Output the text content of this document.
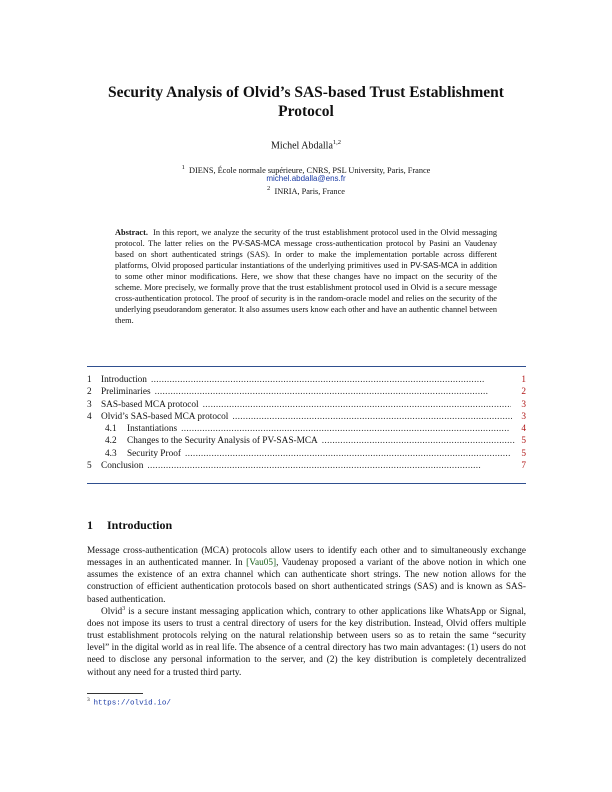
Security Analysis of Olvid’s SAS-based Trust Establishment Protocol
Michel Abdalla$^{1,2}$
$^1$ DIENS, École normale supérieure, CNRS, PSL University, Paris, France
michel.abdalla@ens.fr
$^2$ INRIA, Paris, France
Abstract. In this report, we analyze the security of the trust establishment protocol used in the Olvid messaging protocol. The latter relies on the PV-SAS-MCA message cross-authentication protocol by Pasini an Vaudenay based on short authenticated strings (SAS). In order to make the implementation portable across different platforms, Olvid proposed particular instantiations of the underlying primitives used in PV-SAS-MCA in addition to some other minor modifications. Here, we show that these changes have no impact on the security of the scheme. More precisely, we formally prove that the trust establishment protocol used in Olvid is a secure message cross-authentication protocol. The proof of security is in the random-oracle model and relies on the security of the underlying pseudorandom generator. It also assumes users know each other and have an authentic channel between them.
1	Introduction . . .	1
2	Preliminaries . . .	2
3	SAS-based MCA protocol . . .	3
4	Olvid’s SAS-based MCA protocol . . .	3
4.1	Instantiations . . .	4
4.2	Changes to the Security Analysis of PV-SAS-MCA . . .	5
4.3	Security Proof . . .	5
5	Conclusion . . .	7
1 Introduction

Message cross-authentication (MCA) protocols allow users to identify each other and to simultaneously exchange messages in an authenticated manner. In [Vau05], Vaudenay proposed a variant of the above notion in which one assumes the existence of an extra channel which can authenticate short strings. The new notion allows for the construction of efficient authentication protocols based on short authenticated strings (SAS) and is known as SAS-based authentication.

Olvid$^3$ is a secure instant messaging application which, contrary to other applications like WhatsApp or Signal, does not impose its users to trust a central directory of users for the key distribution. Instead, Olvid offers multiple trust establishment protocols relying on the natural relationship between users so as to retain the same “security level” in the digital world as in real life. The absence of a central directory has two main advantages: (1) users do not need to disclose any personal information to the server, and (2) the key distribution is completely decentralized without any need for a trusted third party.

$^3$ https://olvid.io/
